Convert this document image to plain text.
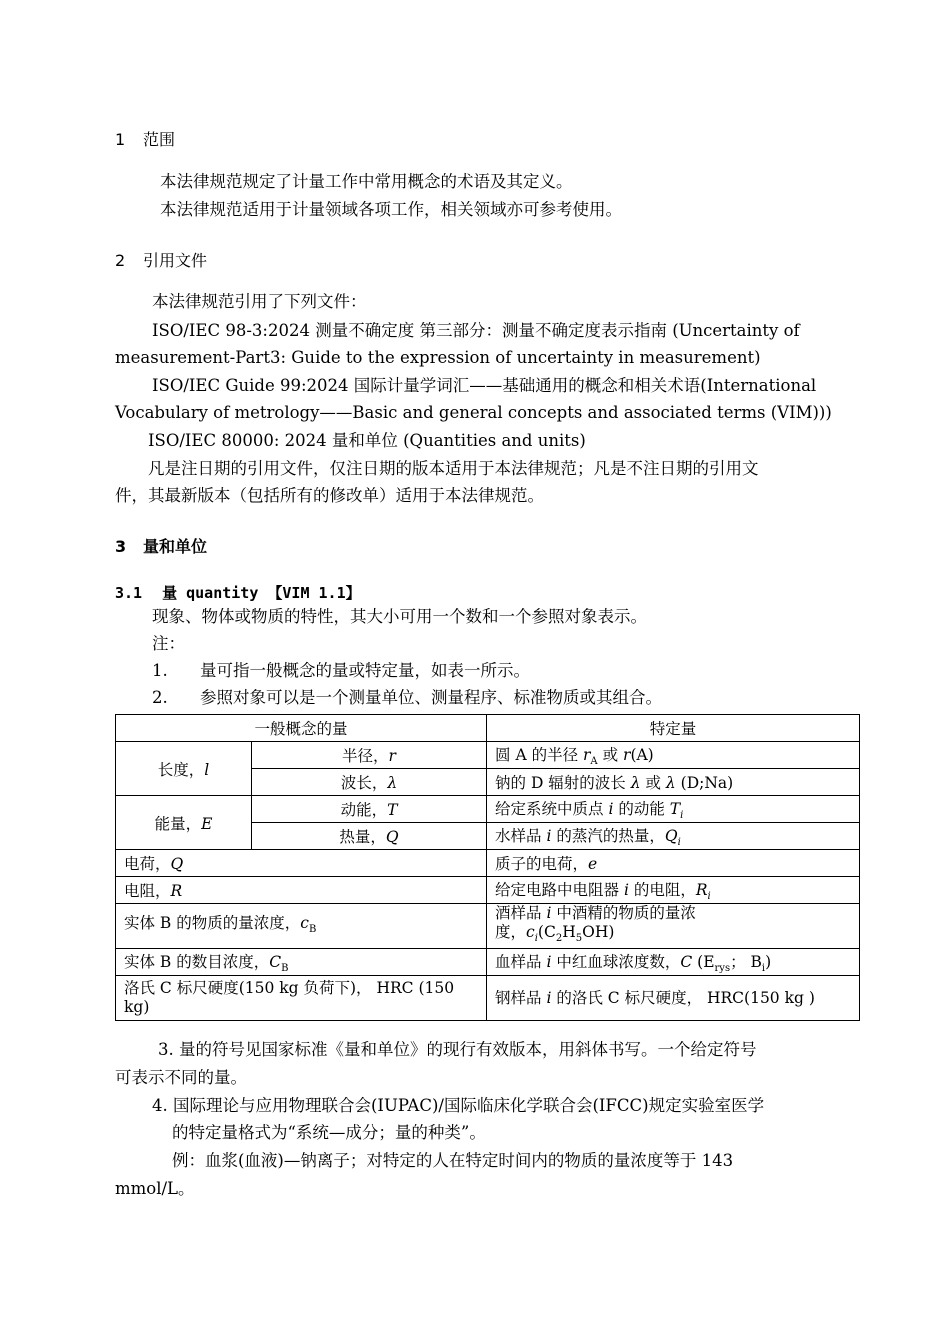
1 范围
本法律规范规定了计量工作中常用概念的术语及其定义。
本法律规范适用于计量领域各项工作，相关领域亦可参考使用。
2 引用文件
本法律规范引用了下列文件：
ISO/IEC 98-3:2024 测量不确定度 第三部分：测量不确定度表示指南 (Uncertainty of
measurement-Part3: Guide to the expression of uncertainty in measurement)
ISO/IEC Guide 99:2024 国际计量学词汇——基础通用的概念和相关术语(International
Vocabulary of metrology——Basic and general concepts and associated terms (VIM)))
ISO/IEC 80000: 2024 量和单位 (Quantities and units)
凡是注日期的引用文件，仅注日期的版本适用于本法律规范；凡是不注日期的引用文
件，其最新版本（包括所有的修改单）适用于本法律规范。
3 量和单位
3.1 量 quantity 【VIM 1.1】
现象、物体或物质的特性，其大小可用一个数和一个参照对象表示。
注：
1. 量可指一般概念的量或特定量，如表一所示。
2. 参照对象可以是一个测量单位、测量程序、标准物质或其组合。
一般概念的量		特定量
长度，l	半径，r	圆 A 的半径 $r_A$ 或 r(A)
	波长，λ	钠的 D 辐射的波长 λ 或 λ (D;Na)
能量，E	动能，T	给定系统中质点 i 的动能 $T_i$
	热量，Q	水样品 i 的蒸汽的热量，$Q_i$
电荷，Q		质子的电荷，e
电阻，R		给定电路中电阻器 i 的电阻，$R_i$
实体 B 的物质的量浓度，$c_B$		酒样品 i 中酒精的物质的量浓
度，$c_i(C_2H_5OH)$
实体 B 的数目浓度，$C_B$		血样品 i 中红血球浓度数，C ($E_{rys}$； $B_i$)
洛氏 C 标尺硬度(150 kg 负荷下)， HRC (150
kg)		钢样品 i 的洛氏 C 标尺硬度， HRC(150 kg )
3. 量的符号见国家标准《量和单位》的现行有效版本，用斜体书写。一个给定符号
可表示不同的量。
4. 国际理论与应用物理联合会(IUPAC)/国际临床化学联合会(IFCC)规定实验室医学
的特定量格式为“系统—成分；量的种类”。
例：血浆(血液)—钠离子；对特定的人在特定时间内的物质的量浓度等于 143
mmol/L。
